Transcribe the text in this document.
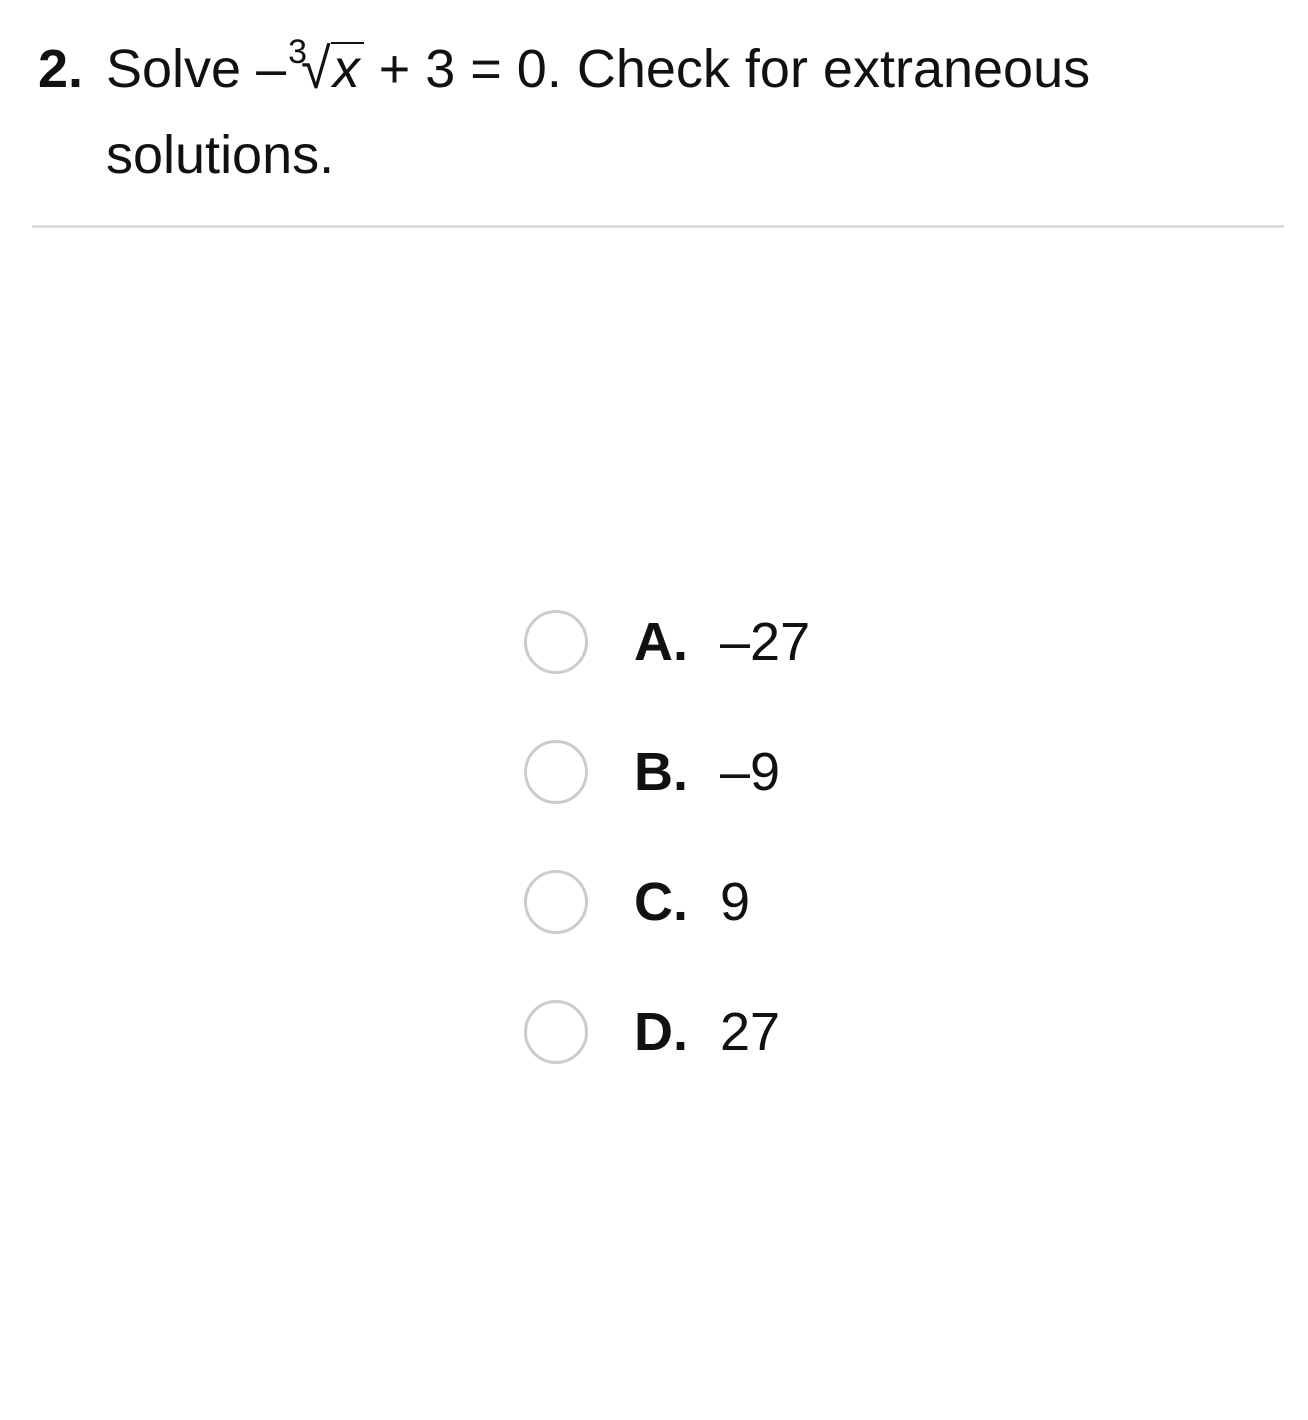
2. Solve –$^3$√x + 3 = 0. Check for extraneous
solutions.
A. –27
B. –9
C. 9
D. 27
